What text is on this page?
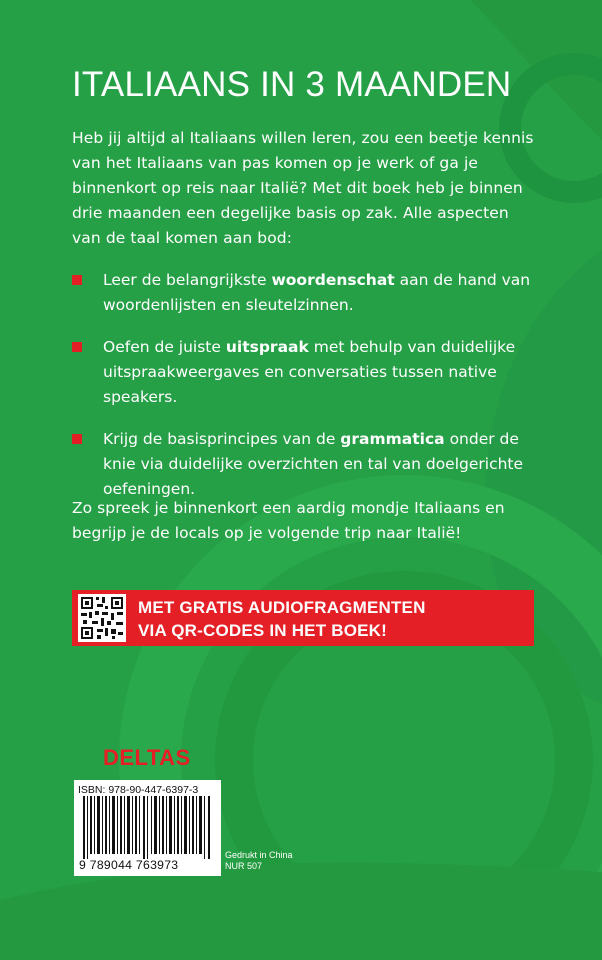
ITALIAANS IN 3 MAANDEN

Heb jij altijd al Italiaans willen leren, zou een beetje kennis van het Italiaans van pas komen op je werk of ga je binnenkort op reis naar Italië? Met dit boek heb je binnen drie maanden een degelijke basis op zak. Alle aspecten van de taal komen aan bod:

Leer de belangrijkste woordenschat aan de hand van woordenlijsten en sleutelzinnen.
Oefen de juiste uitspraak met behulp van duidelijke uitspraakweergaves en conversaties tussen native speakers.
Krijg de basisprincipes van de grammatica onder de knie via duidelijke overzichten en tal van doelgerichte oefeningen.

Zo spreek je binnenkort een aardig mondje Italiaans en begrijp je de locals op je volgende trip naar Italië!

MET GRATIS AUDIOFRAGMENTEN
VIA QR-CODES IN HET BOEK!
DELTAS
ISBN: 978-90-447-6397-3
9 789044 763973
Gedrukt in China
NUR 507
